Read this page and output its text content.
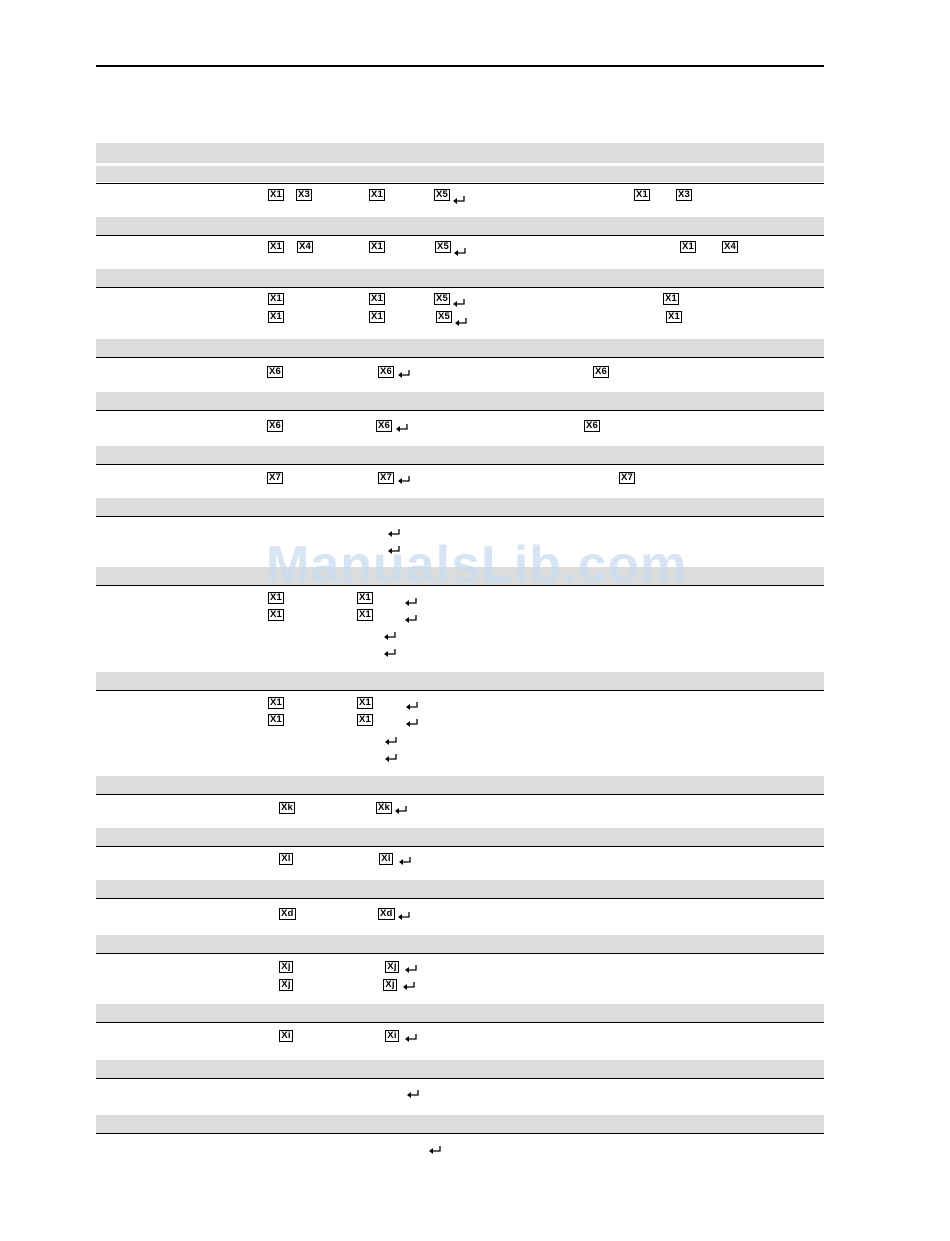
X1 X3	X1	X5	X1	X3
X1 X4	X1	X5	X1	X4
X1	X1	X5	X1
X1	X1	X5	X1
X6	X6	X6
X6	X6	X6
X7	X7	X7
X1	X1
X1	X1
X1	X1
X1	X1
Xk	Xk
Xl	Xl
Xd	Xd
Xj	Xj
Xj	Xj
Xi	Xi
ManualsLib.com
